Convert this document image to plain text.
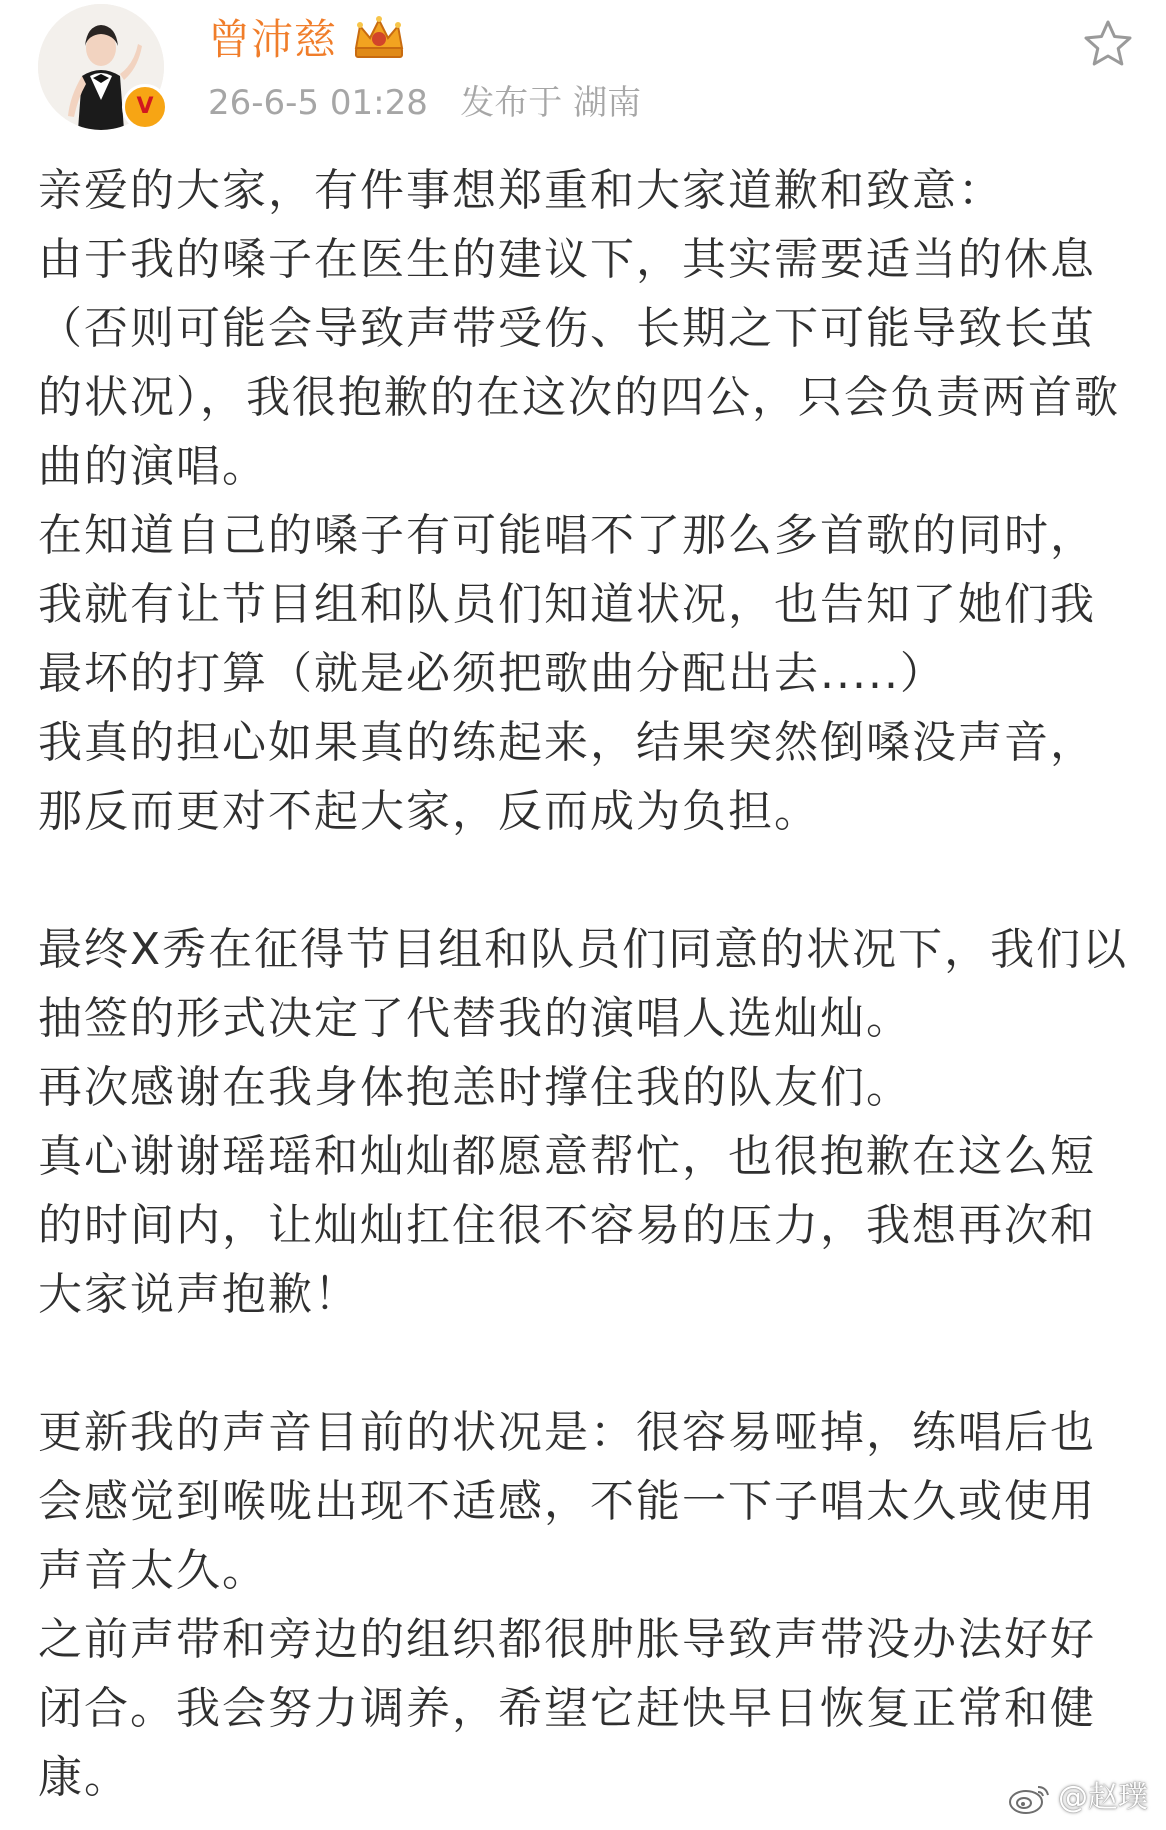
V
曾沛慈
26-6-5 01:28 发布于 湖南

亲爱的大家，有件事想郑重和大家道歉和致意：

由于我的嗓子在医生的建议下，其实需要适当的休息（否则可能会导致声带受伤、长期之下可能导致长茧的状况），我很抱歉的在这次的四公，只会负责两首歌曲的演唱。

在知道自己的嗓子有可能唱不了那么多首歌的同时，我就有让节目组和队员们知道状况，也告知了她们我最坏的打算（就是必须把歌曲分配出去.....）

我真的担心如果真的练起来，结果突然倒嗓没声音，那反而更对不起大家，反而成为负担。

最终X秀在征得节目组和队员们同意的状况下，我们以抽签的形式决定了代替我的演唱人选灿灿。

再次感谢在我身体抱恙时撑住我的队友们。

真心谢谢瑶瑶和灿灿都愿意帮忙，也很抱歉在这么短的时间内，让灿灿扛住很不容易的压力，我想再次和大家说声抱歉！

更新我的声音目前的状况是：很容易哑掉，练唱后也会感觉到喉咙出现不适感，不能一下子唱太久或使用声音太久。

之前声带和旁边的组织都很肿胀导致声带没办法好好闭合。我会努力调养，希望它赶快早日恢复正常和健康。	@赵璞
